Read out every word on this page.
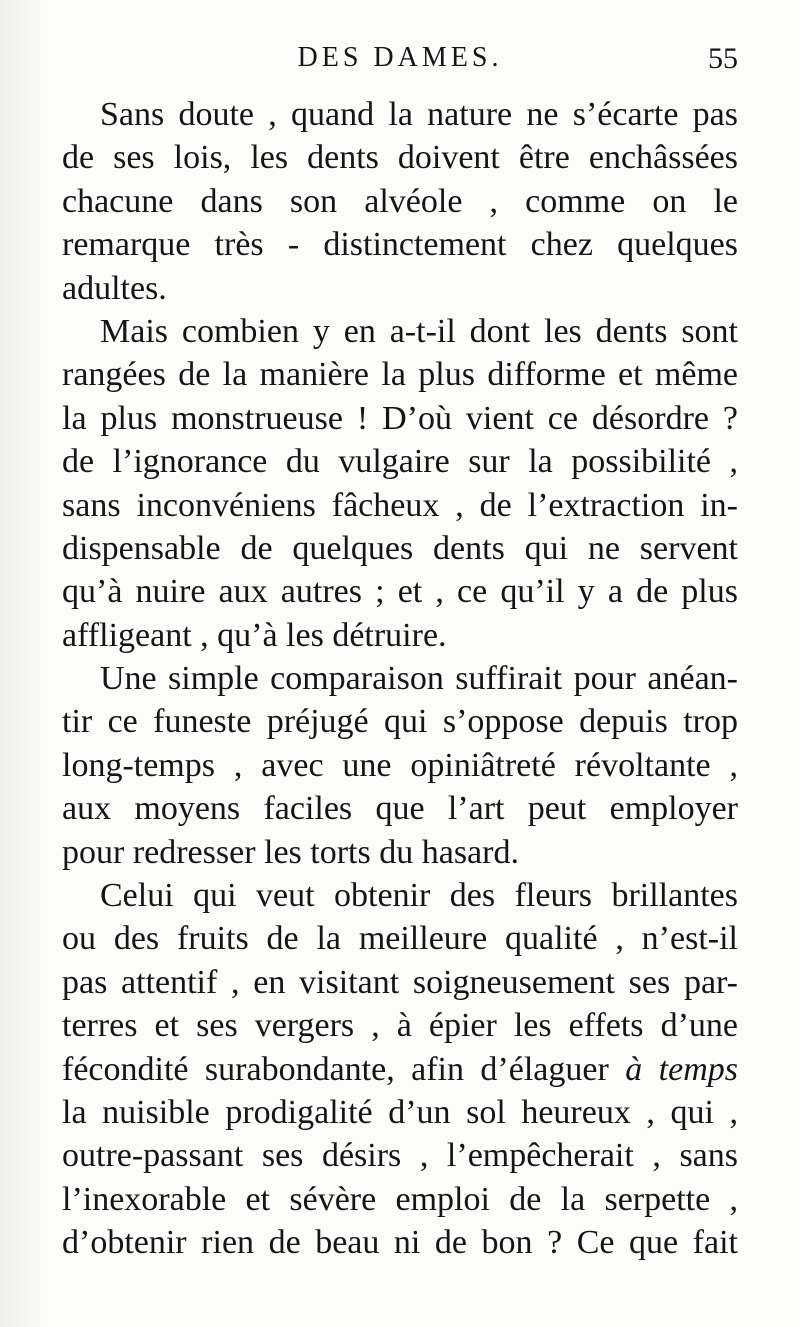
DES DAMES.	55
Sans doute , quand la nature ne s’écarte pas
de ses lois, les dents doivent être enchâssées
chacune dans son alvéole , comme on le
remarque très - distinctement chez quelques
adultes.
Mais combien y en a-t-il dont les dents sont
rangées de la manière la plus difforme et même
la plus monstrueuse ! D’où vient ce désordre ?
de l’ignorance du vulgaire sur la possibilité ,
sans inconvéniens fâcheux , de l’extraction in-
dispensable de quelques dents qui ne servent
qu’à nuire aux autres ; et , ce qu’il y a de plus
affligeant , qu’à les détruire.
Une simple comparaison suffirait pour anéan-
tir ce funeste préjugé qui s’oppose depuis trop
long-temps , avec une opiniâtreté révoltante ,
aux moyens faciles que l’art peut employer
pour redresser les torts du hasard.
Celui qui veut obtenir des fleurs brillantes
ou des fruits de la meilleure qualité , n’est-il
pas attentif , en visitant soigneusement ses par-
terres et ses vergers , à épier les effets d’une
fécondité surabondante, afin d’élaguer à temps
la nuisible prodigalité d’un sol heureux , qui ,
outre-passant ses désirs , l’empêcherait , sans
l’inexorable et sévère emploi de la serpette ,
d’obtenir rien de beau ni de bon ? Ce que fait
